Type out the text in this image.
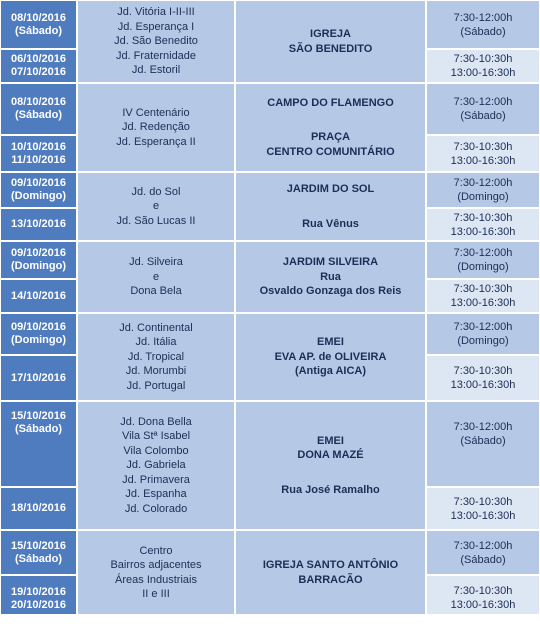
08/10/2016
(Sábado)
06/10/2016
07/10/2016
Jd. Vitória I-II-III
Jd. Esperança I
Jd. São Benedito
Jd. Fraternidade
Jd. Estoril
IGREJA
SÃO BENEDITO
7:30-12:00h
(Sábado)
7:30-10:30h
13:00-16:30h
08/10/2016
(Sábado)
10/10/2016
11/10/2016
IV Centenário
Jd. Redenção
Jd. Esperança II
CAMPO DO FLAMENGO
PRAÇA
CENTRO COMUNITÁRIO
7:30-12:00h
(Sábado)
7:30-10:30h
13:00-16:30h
09/10/2016
(Domingo)
13/10/2016
Jd. do Sol
e
Jd. São Lucas II
JARDIM DO SOL
Rua Vênus
7:30-12:00h
(Domingo)
7:30-10:30h
13:00-16:30h
09/10/2016
(Domingo)
14/10/2016
Jd. Silveira
e
Dona Bela
JARDIM SILVEIRA
Rua
Osvaldo Gonzaga dos Reis
7:30-12:00h
(Domingo)
7:30-10:30h
13:00-16:30h
09/10/2016
(Domingo)
17/10/2016
Jd. Continental
Jd. Itália
Jd. Tropical
Jd. Morumbi
Jd. Portugal
EMEI
EVA AP. de OLIVEIRA
(Antiga AICA)
7:30-12:00h
(Domingo)
7:30-10:30h
13:00-16:30h
15/10/2016
(Sábado)
18/10/2016
Jd. Dona Bella
Vila Stª Isabel
Vila Colombo
Jd. Gabriela
Jd. Primavera
Jd. Espanha
Jd. Colorado
EMEI
DONA MAZÉ
Rua José Ramalho
7:30-12:00h
(Sábado)
7:30-10:30h
13:00-16:30h
15/10/2016
(Sábado)
19/10/2016
20/10/2016
Centro
Bairros adjacentes
Áreas Industriais
II e III
IGREJA SANTO ANTÔNIO
BARRACÃO
7:30-12:00h
(Sábado)
7:30-10:30h
13:00-16:30h
